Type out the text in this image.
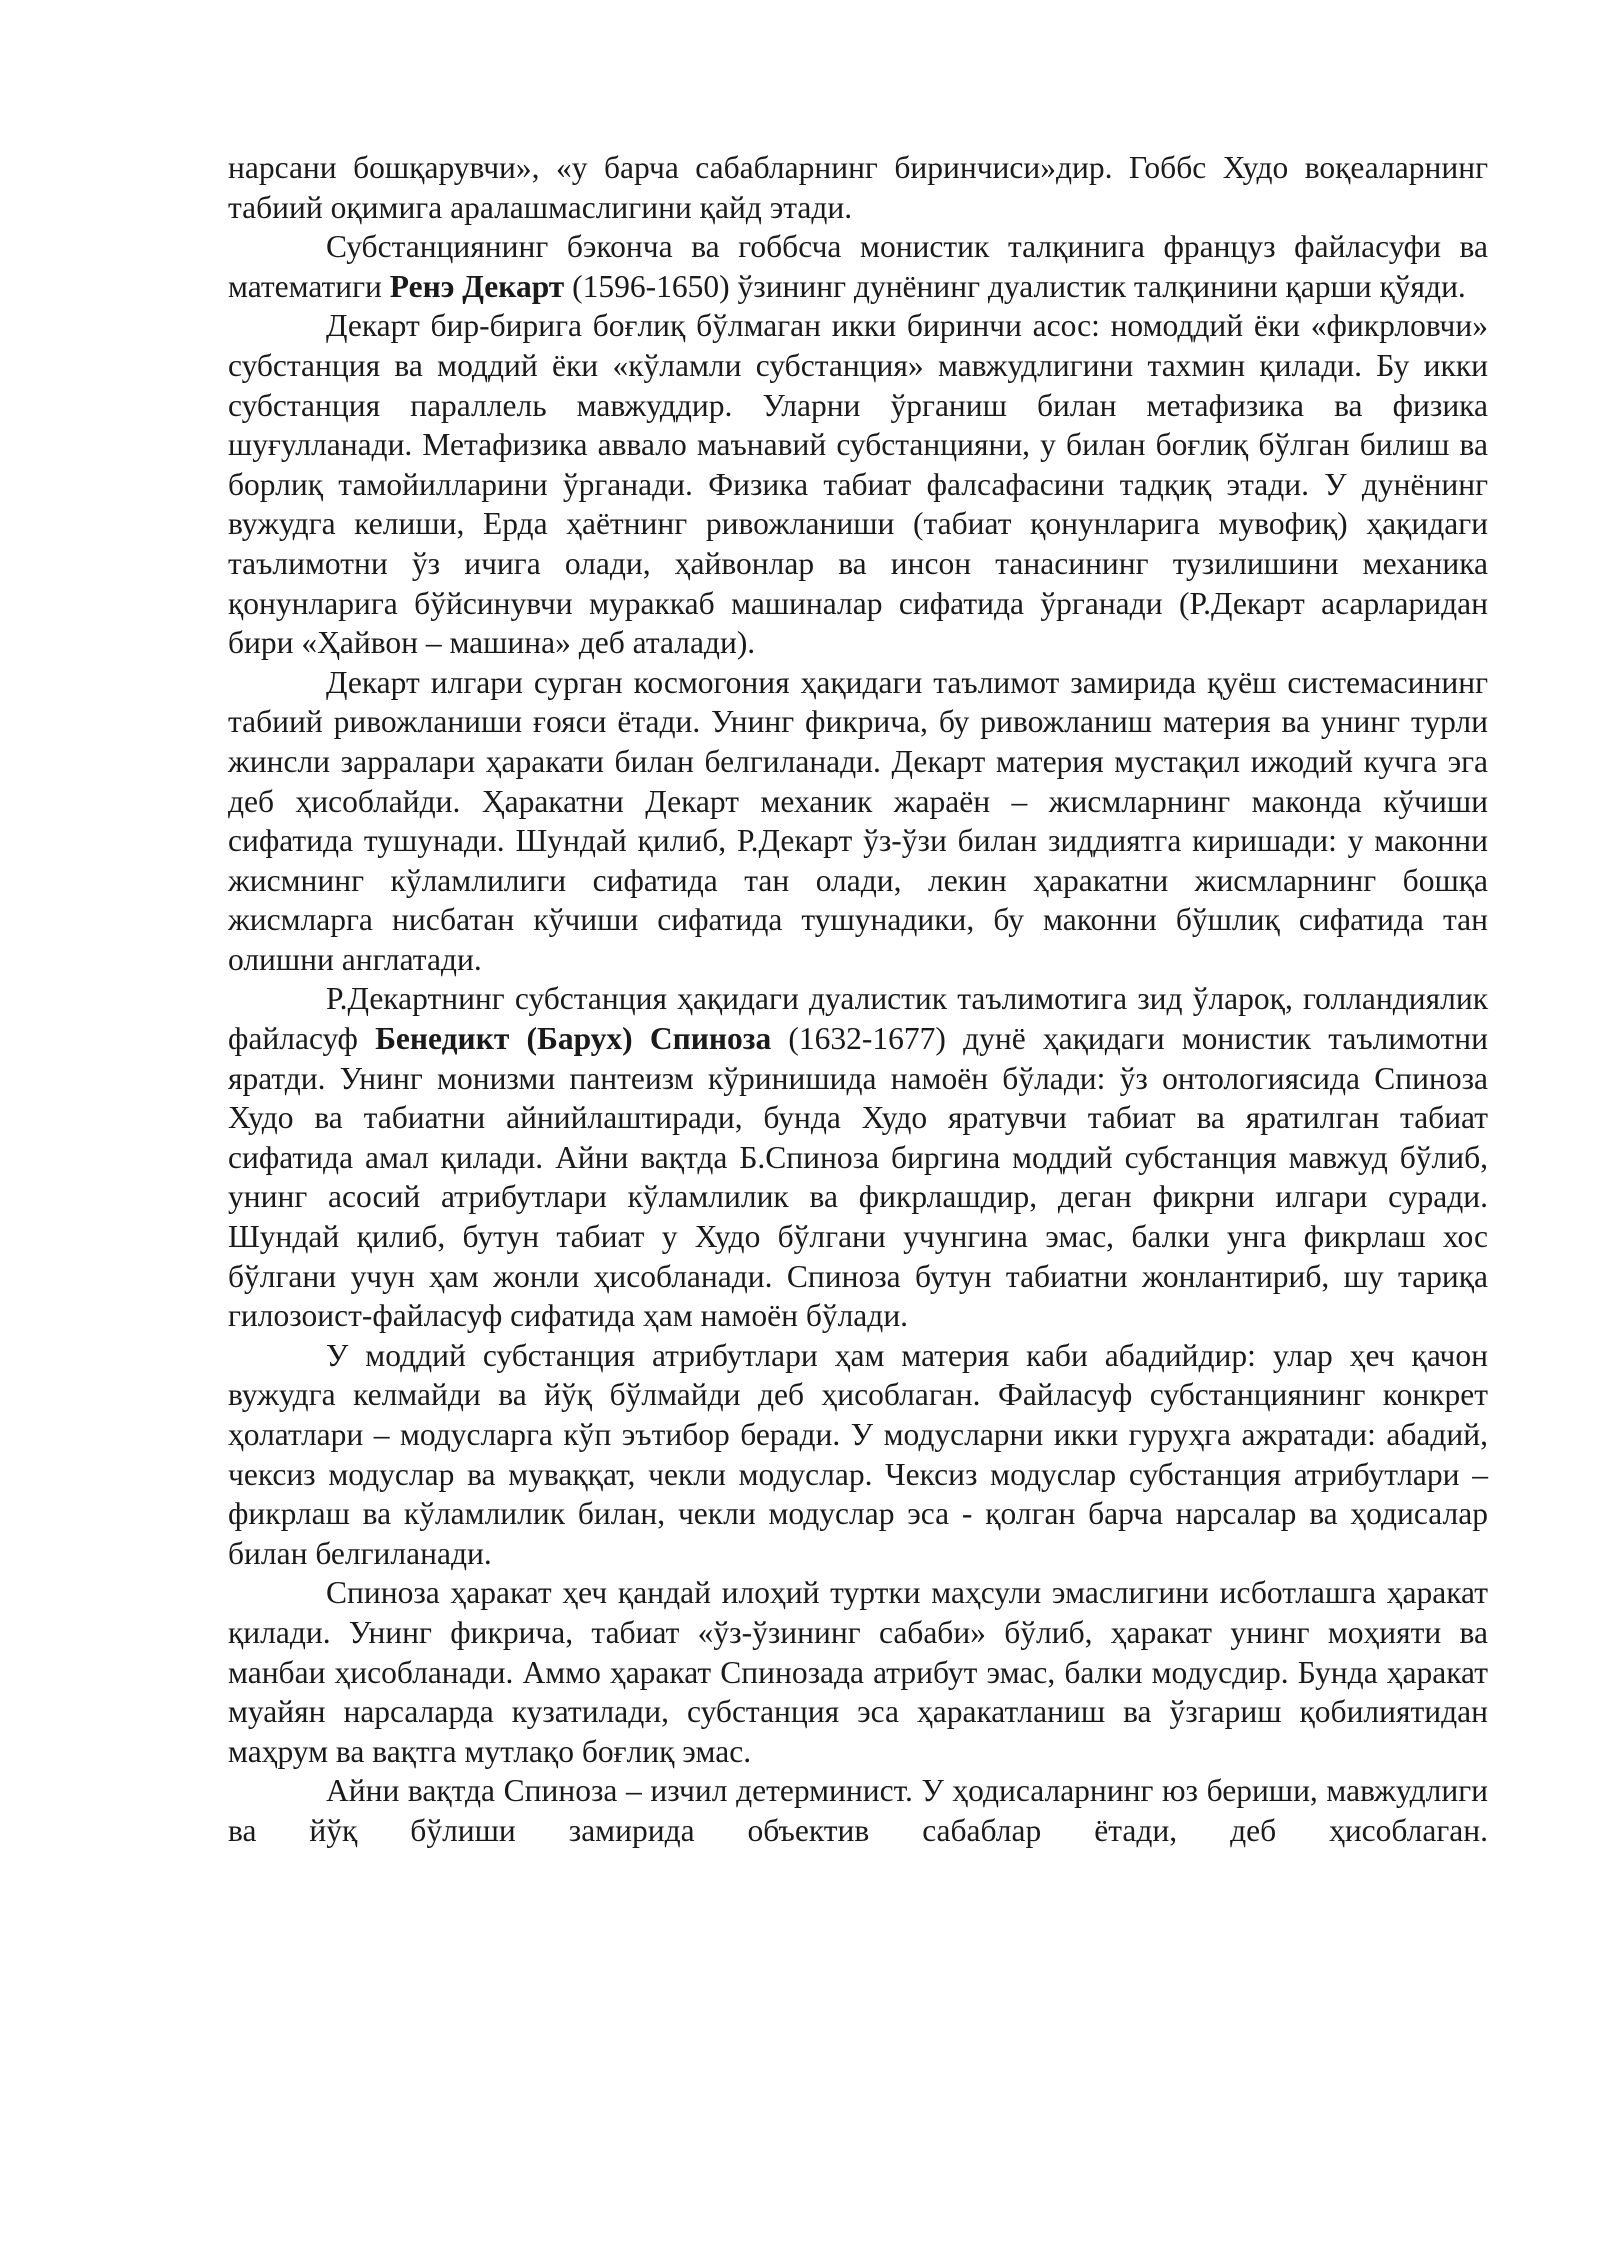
нарсани бошқарувчи», «у барча сабабларнинг биринчиси»дир. Гоббс Худо воқеаларнинг табиий оқимига аралашмаслигини қайд этади.

Субстанциянинг бэконча ва гоббсча монистик талқинига француз файласуфи ва математиги Ренэ Декарт (1596-1650) ўзининг дунёнинг дуалистик талқинини қарши қўяди.

Декарт бир-бирига боғлиқ бўлмаган икки биринчи асос: номоддий ёки «фикрловчи» субстанция ва моддий ёки «кўламли субстанция» мавжудлигини тахмин қилади. Бу икки субстанция параллель мавжуддир. Уларни ўрганиш билан метафизика ва физика шуғулланади. Метафизика аввало маънавий субстанцияни, у билан боғлиқ бўлган билиш ва борлиқ тамойилларини ўрганади. Физика табиат фалсафасини тадқиқ этади. У дунёнинг вужудга келиши, Ерда ҳаётнинг ривожланиши (табиат қонунларига мувофиқ) ҳақидаги таълимотни ўз ичига олади, ҳайвонлар ва инсон танасининг тузилишини механика қонунларига бўйсинувчи мураккаб машиналар сифатида ўрганади (Р.Декарт асарларидан бири «Ҳайвон – машина» деб аталади).

Декарт илгари сурган космогония ҳақидаги таълимот замирида қуёш системасининг табиий ривожланиши ғояси ётади. Унинг фикрича, бу ривожланиш материя ва унинг турли жинсли зарралари ҳаракати билан белгиланади. Декарт материя мустақил ижодий кучга эга деб ҳисоблайди. Ҳаракатни Декарт механик жараён – жисмларнинг маконда кўчиши сифатида тушунади. Шундай қилиб, Р.Декарт ўз-ўзи билан зиддиятга киришади: у маконни жисмнинг кўламлилиги сифатида тан олади, лекин ҳаракатни жисмларнинг бошқа жисмларга нисбатан кўчиши сифатида тушунадики, бу маконни бўшлиқ сифатида тан олишни англатади.

Р.Декартнинг субстанция ҳақидаги дуалистик таълимотига зид ўлароқ, голландиялик файласуф Бенедикт (Барух) Спиноза (1632-1677) дунё ҳақидаги монистик таълимотни яратди. Унинг монизми пантеизм кўринишида намоён бўлади: ўз онтологиясида Спиноза Худо ва табиатни айнийлаштиради, бунда Худо яратувчи табиат ва яратилган табиат сифатида амал қилади. Айни вақтда Б.Спиноза биргина моддий субстанция мавжуд бўлиб, унинг асосий атрибутлари кўламлилик ва фикрлашдир, деган фикрни илгари суради. Шундай қилиб, бутун табиат у Худо бўлгани учунгина эмас, балки унга фикрлаш хос бўлгани учун ҳам жонли ҳисобланади. Спиноза бутун табиатни жонлантириб, шу тариқа гилозоист-файласуф сифатида ҳам намоён бўлади.

У моддий субстанция атрибутлари ҳам материя каби абадийдир: улар ҳеч қачон вужудга келмайди ва йўқ бўлмайди деб ҳисоблаган. Файласуф субстанциянинг конкрет ҳолатлари – модусларга кўп эътибор беради. У модусларни икки гуруҳга ажратади: абадий, чексиз модуслар ва муваққат, чекли модуслар. Чексиз модуслар субстанция атрибутлари – фикрлаш ва кўламлилик билан, чекли модуслар эса - қолган барча нарсалар ва ҳодисалар билан белгиланади.

Спиноза ҳаракат ҳеч қандай илоҳий туртки маҳсули эмаслигини исботлашга ҳаракат қилади. Унинг фикрича, табиат «ўз-ўзининг сабаби» бўлиб, ҳаракат унинг моҳияти ва манбаи ҳисобланади. Аммо ҳаракат Спинозада атрибут эмас, балки модусдир. Бунда ҳаракат муайян нарсаларда кузатилади, субстанция эса ҳаракатланиш ва ўзгариш қобилиятидан маҳрум ва вақтга мутлақо боғлиқ эмас.

Айни вақтда Спиноза – изчил детерминист. У ҳодисаларнинг юз бериши, мавжудлиги ва йўқ бўлиши замирида объектив сабаблар ётади, деб ҳисоблаган.
